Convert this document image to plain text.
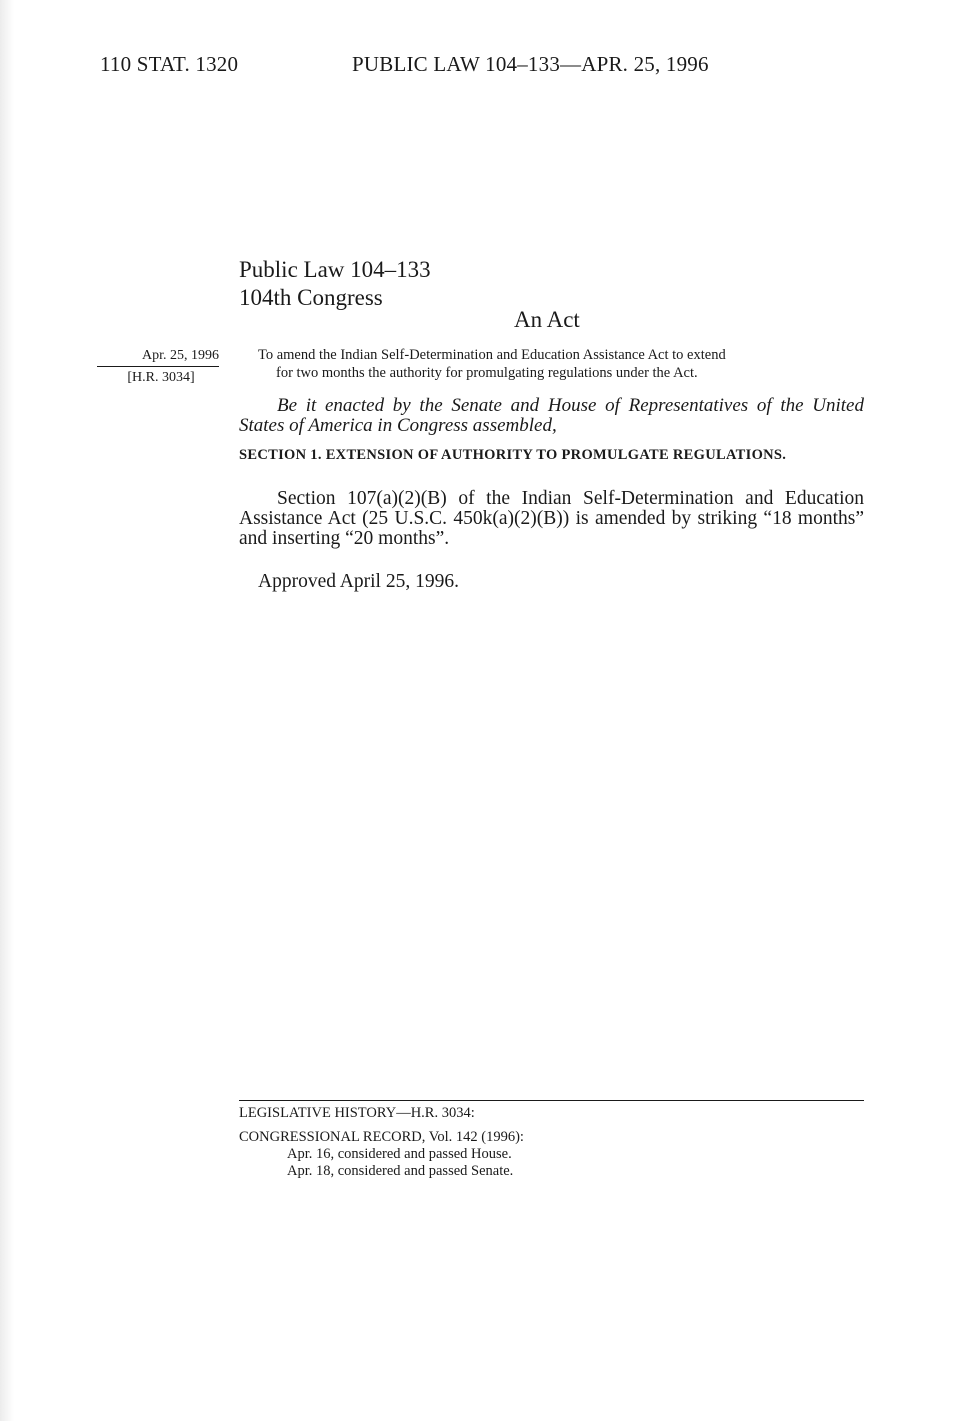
110 STAT. 1320	PUBLIC LAW 104–133—APR. 25, 1996
Public Law 104–133
104th Congress
An Act
Apr. 25, 1996
[H.R. 3034]
To amend the Indian Self-Determination and Education Assistance Act to extend
for two months the authority for promulgating regulations under the Act.
Be it enacted by the Senate and House of Representatives of the United States of America in Congress assembled,
SECTION 1. EXTENSION OF AUTHORITY TO PROMULGATE REGULATIONS.
Section 107(a)(2)(B) of the Indian Self-Determination and Education Assistance Act (25 U.S.C. 450k(a)(2)(B)) is amended by striking “18 months” and inserting “20 months”.
Approved April 25, 1996.
LEGISLATIVE HISTORY—H.R. 3034:
CONGRESSIONAL RECORD, Vol. 142 (1996):
Apr. 16, considered and passed House.
Apr. 18, considered and passed Senate.
